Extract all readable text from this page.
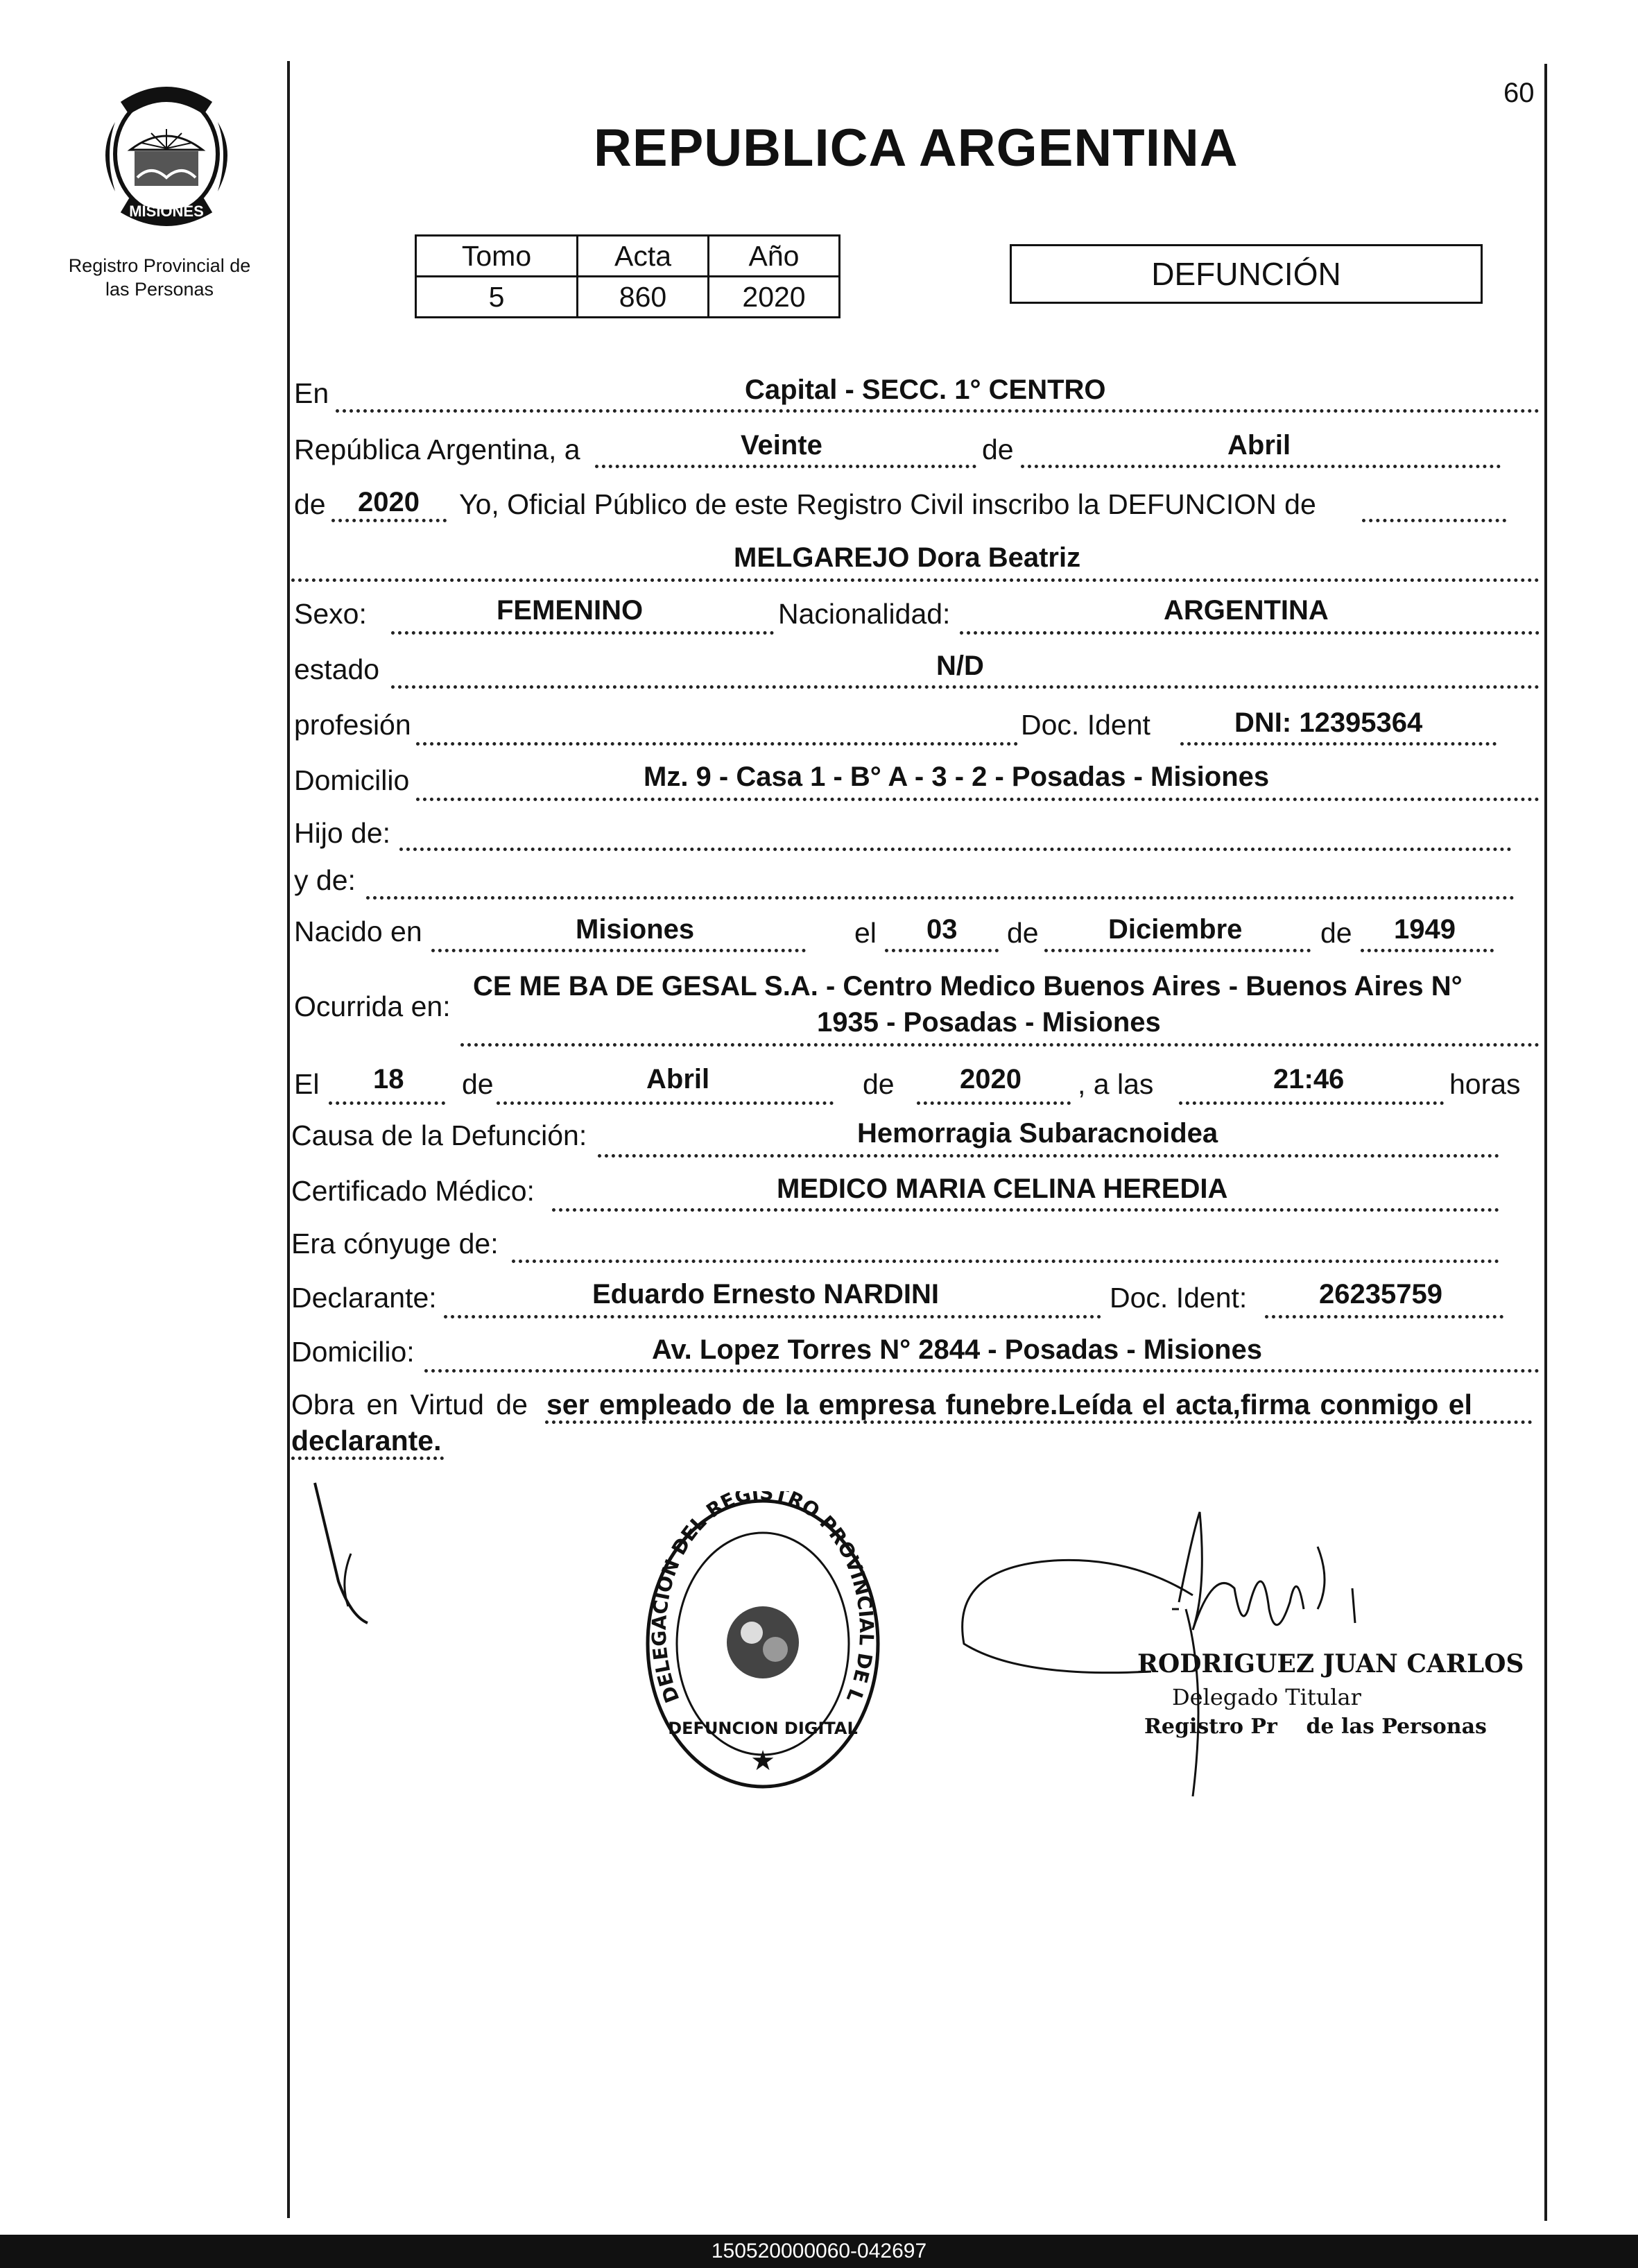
60
PROVINCIA DE
MISIONES
Registro Provincial de
las Personas
REPUBLICA ARGENTINA
Tomo	Acta	Año
5	860	2020
DEFUNCIÓN
En	Capital - SECC. 1° CENTRO
República Argentina, a	Veinte	de	Abril
de 2020 Yo, Oficial Público de este Registro Civil inscribo la DEFUNCION de
MELGAREJO Dora Beatriz
Sexo:	FEMENINO	Nacionalidad:	ARGENTINA
estado	N/D
profesión	Doc. Ident	DNI: 12395364
Domicilio	Mz. 9 - Casa 1 - B° A - 3 - 2 - Posadas - Misiones
Hijo de:
y de:
Nacido en	Misiones	el 03 de	Diciembre	de 1949
Ocurrida en:
CE ME BA DE GESAL S.A. - Centro Medico Buenos Aires - Buenos Aires N°
1935 - Posadas - Misiones
El 18 de	Abril	de 2020 , a las	21:46	horas
Causa de la Defunción:	Hemorragia Subaracnoidea
Certificado Médico:	MEDICO MARIA CELINA HEREDIA
Era cónyuge de:
Declarante:	Eduardo Ernesto NARDINI	Doc. Ident:	26235759
Domicilio:	Av. Lopez Torres N° 2844 - Posadas - Misiones
Obra en Virtud de ser empleado de la empresa funebre.Leída el acta,firma conmigo el
declarante.
DELEGACION DEL REGISTRO PROVINCIAL DE L
DEFUNCION DIGITAL
★
RODRIGUEZ JUAN CARLOS
Delegado Titular
Registro Pr    de las Personas
150520000060-042697
